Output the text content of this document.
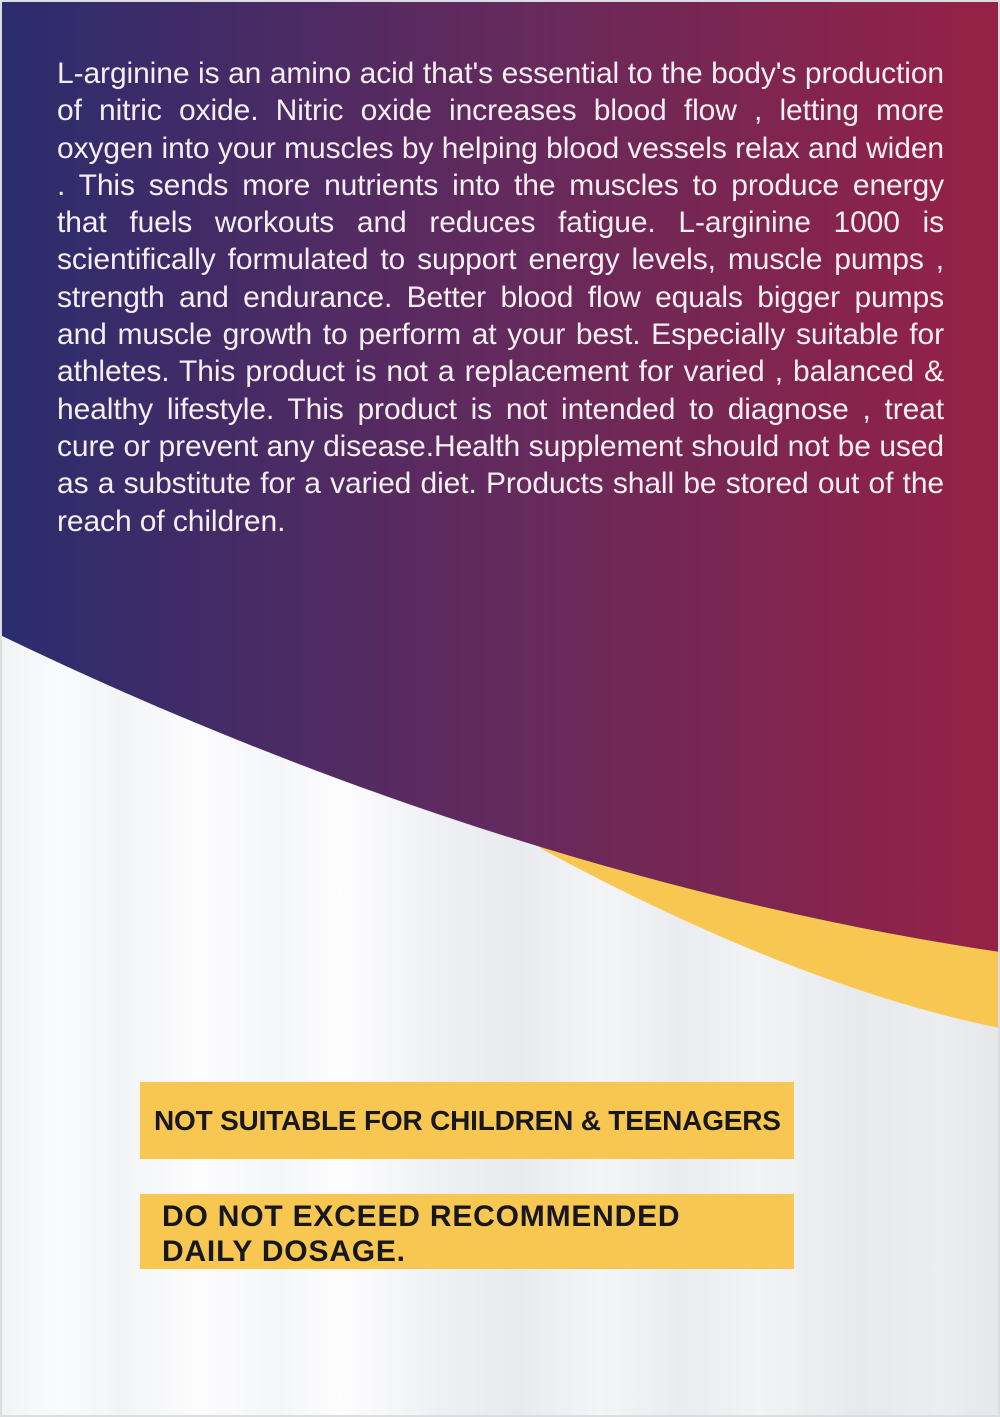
L-arginine is an amino acid that's essential to the body's production of nitric oxide. Nitric oxide increases blood flow , letting more oxygen into your muscles by helping blood vessels relax and widen . This sends more nutrients into the muscles to produce energy that fuels workouts and reduces fatigue. L-arginine 1000 is scientifically formulated to support energy levels, muscle pumps , strength and endurance. Better blood flow equals bigger pumps and muscle growth to perform at your best. Especially suitable for athletes. This product is not a replacement for varied , balanced & healthy lifestyle. This product is not intended to diagnose , treat cure or prevent any disease.Health supplement should not be used as a substitute for a varied diet. Products shall be stored out of the reach of children.
NOT SUITABLE FOR CHILDREN & TEENAGERS
DO NOT EXCEED RECOMMENDED DAILY DOSAGE.
